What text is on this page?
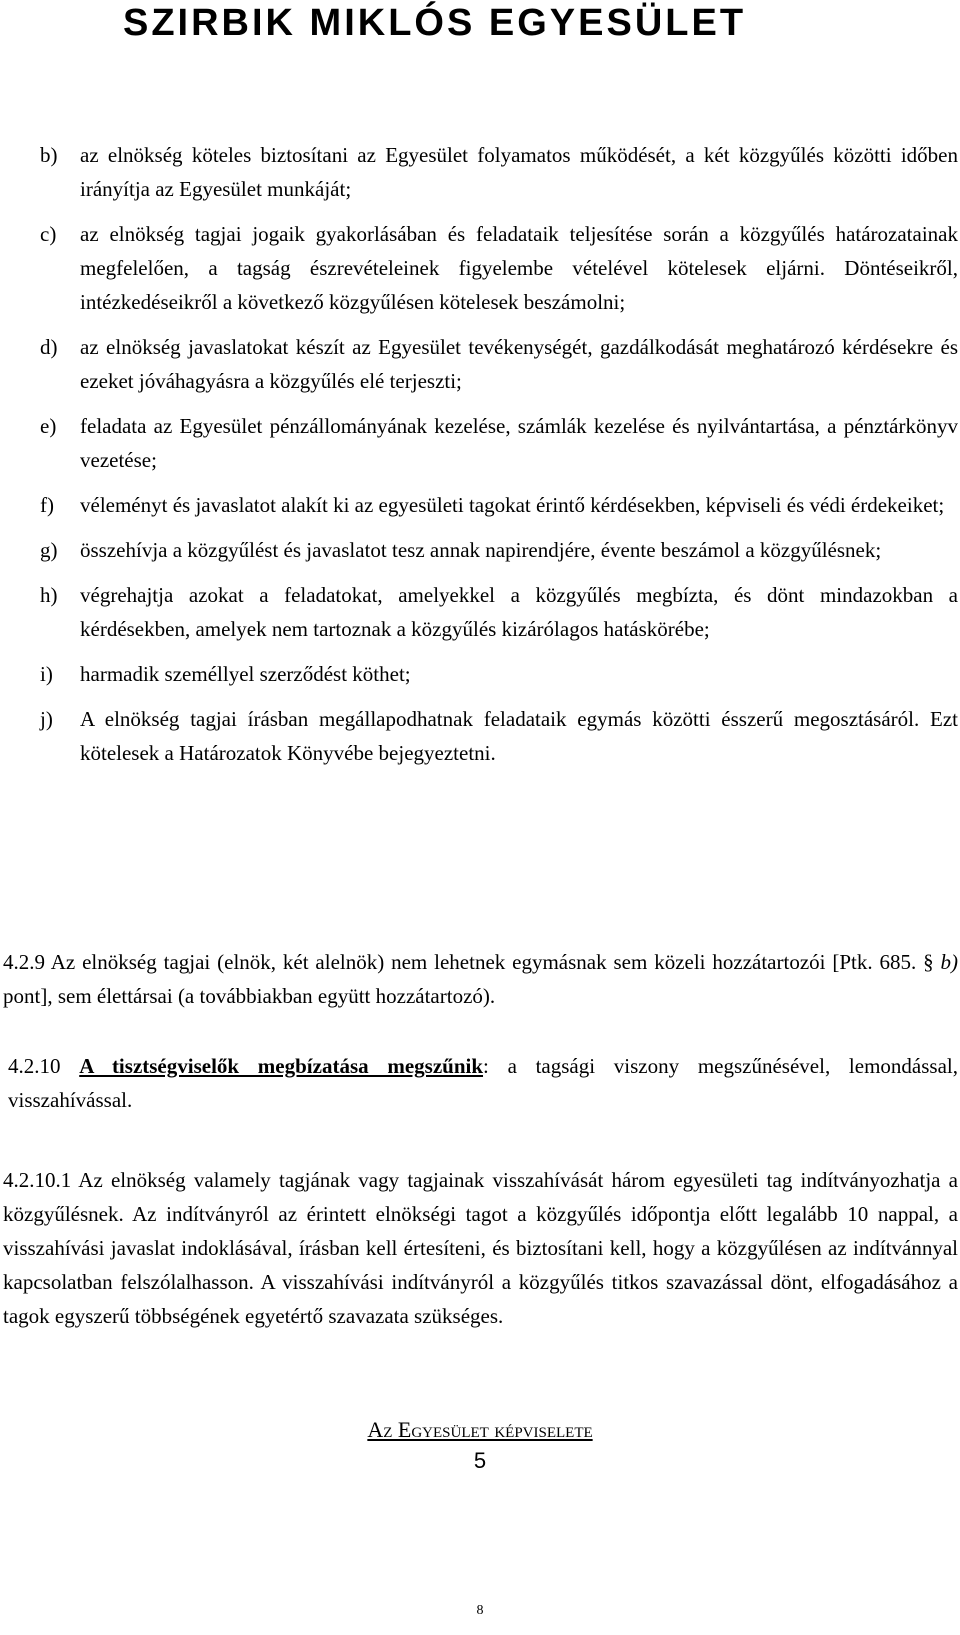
SZIRBIK MIKLÓS EGYESÜLET
b) az elnökség köteles biztosítani az Egyesület folyamatos működését, a két közgyűlés közötti időben irányítja az Egyesület munkáját;
c) az elnökség tagjai jogaik gyakorlásában és feladataik teljesítése során a közgyűlés határozatainak megfelelően, a tagság észrevételeinek figyelembe vételével kötelesek eljárni. Döntéseikről, intézkedéseikről a következő közgyűlésen kötelesek beszámolni;
d) az elnökség javaslatokat készít az Egyesület tevékenységét, gazdálkodását meghatározó kérdésekre és ezeket jóváhagyásra a közgyűlés elé terjeszti;
e) feladata az Egyesület pénzállományának kezelése, számlák kezelése és nyilvántartása, a pénztárkönyv vezetése;
f) véleményt és javaslatot alakít ki az egyesületi tagokat érintő kérdésekben, képviseli és védi érdekeiket;
g) összehívja a közgyűlést és javaslatot tesz annak napirendjére, évente beszámol a közgyűlésnek;
h) végrehajtja azokat a feladatokat, amelyekkel a közgyűlés megbízta, és dönt mindazokban a kérdésekben, amelyek nem tartoznak a közgyűlés kizárólagos hatáskörébe;
i) harmadik személlyel szerződést köthet;
j) A elnökség tagjai írásban megállapodhatnak feladataik egymás közötti ésszerű megosztásáról. Ezt kötelesek a Határozatok Könyvébe bejegyeztetni.
4.2.9 Az elnökség tagjai (elnök, két alelnök) nem lehetnek egymásnak sem közeli hozzátartozói [Ptk. 685. § b) pont], sem élettársai (a továbbiakban együtt hozzátartozó).
4.2.10 A tisztségviselők megbízatása megszűnik: a tagsági viszony megszűnésével, lemondással, visszahívással.
4.2.10.1 Az elnökség valamely tagjának vagy tagjainak visszahívását három egyesületi tag indítványozhatja a közgyűlésnek. Az indítványról az érintett elnökségi tagot a közgyűlés időpontja előtt legalább 10 nappal, a visszahívási javaslat indoklásával, írásban kell értesíteni, és biztosítani kell, hogy a közgyűlésen az indítvánnyal kapcsolatban felszólalhasson. A visszahívási indítványról a közgyűlés titkos szavazással dönt, elfogadásához a tagok egyszerű többségének egyetértő szavazata szükséges.
Az Egyesület képviselete
5
8
